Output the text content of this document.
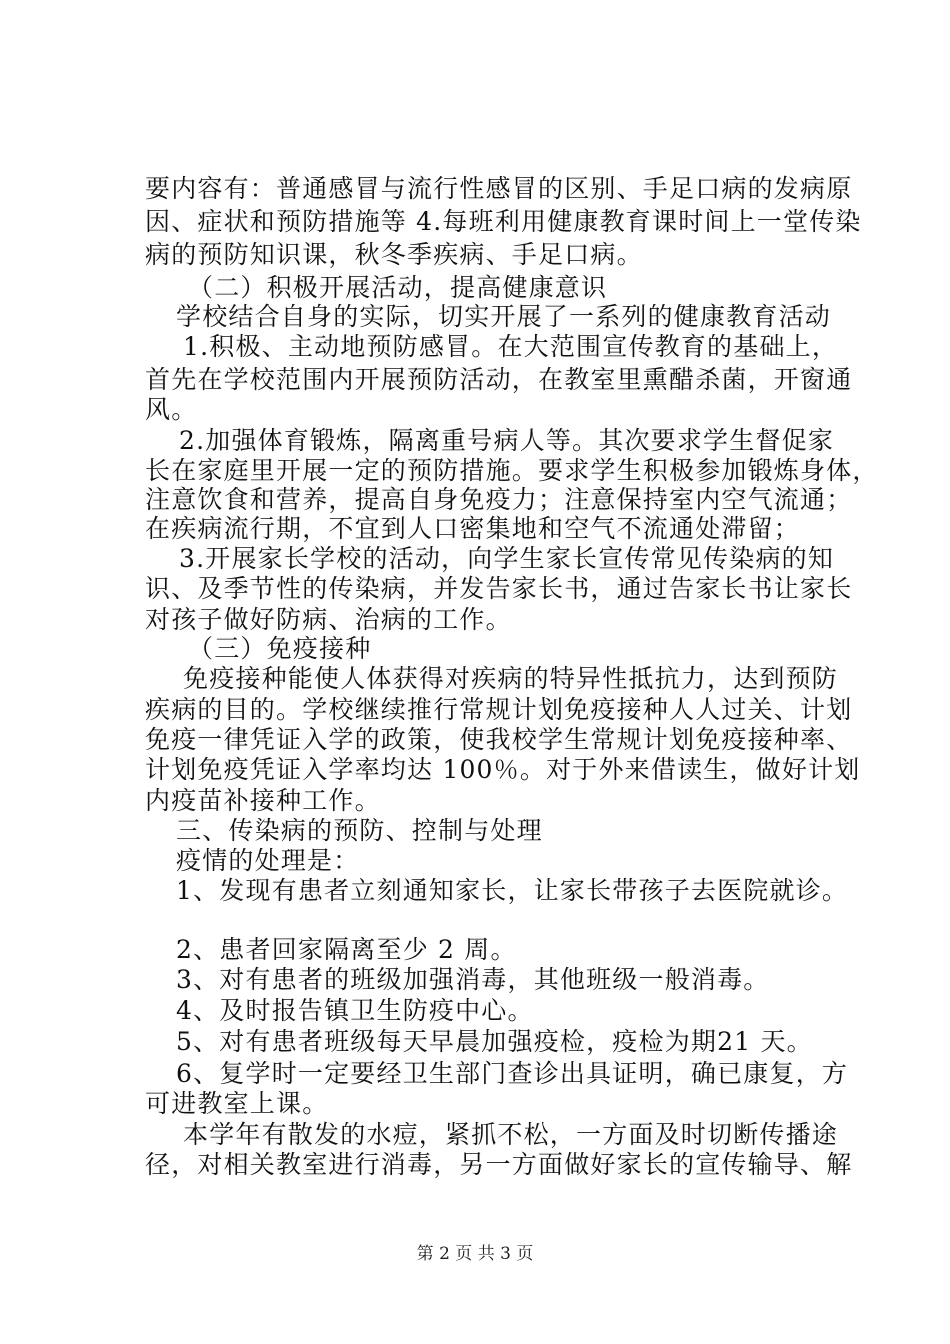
要内容有：普通感冒与流行性感冒的区别、手足口病的发病原
因、症状和预防措施等 4.每班利用健康教育课时间上一堂传染
病的预防知识课，秋冬季疾病、手足口病。
（二）积极开展活动，提高健康意识
学校结合自身的实际，切实开展了一系列的健康教育活动
1.积极、主动地预防感冒。在大范围宣传教育的基础上，
首先在学校范围内开展预防活动，在教室里熏醋杀菌，开窗通
风。
2.加强体育锻炼，隔离重号病人等。其次要求学生督促家
长在家庭里开展一定的预防措施。要求学生积极参加锻炼身体，
注意饮食和营养，提高自身免疫力；注意保持室内空气流通；
在疾病流行期，不宜到人口密集地和空气不流通处滞留；
3.开展家长学校的活动，向学生家长宣传常见传染病的知
识、及季节性的传染病，并发告家长书，通过告家长书让家长
对孩子做好防病、治病的工作。
（三）免疫接种
免疫接种能使人体获得对疾病的特异性抵抗力，达到预防
疾病的目的。学校继续推行常规计划免疫接种人人过关、计划
免疫一律凭证入学的政策，使我校学生常规计划免疫接种率、
计划免疫凭证入学率均达 100％。对于外来借读生，做好计划
内疫苗补接种工作。
三、传染病的预防、控制与处理
疫情的处理是：
1、发现有患者立刻通知家长，让家长带孩子去医院就诊。
2、患者回家隔离至少 2 周。
3、对有患者的班级加强消毒，其他班级一般消毒。
4、及时报告镇卫生防疫中心。
5、对有患者班级每天早晨加强疫检，疫检为期21 天。
6、复学时一定要经卫生部门查诊出具证明，确已康复，方
可进教室上课。
本学年有散发的水痘，紧抓不松，一方面及时切断传播途
径，对相关教室进行消毒，另一方面做好家长的宣传输导、解
第 2 页 共 3 页
